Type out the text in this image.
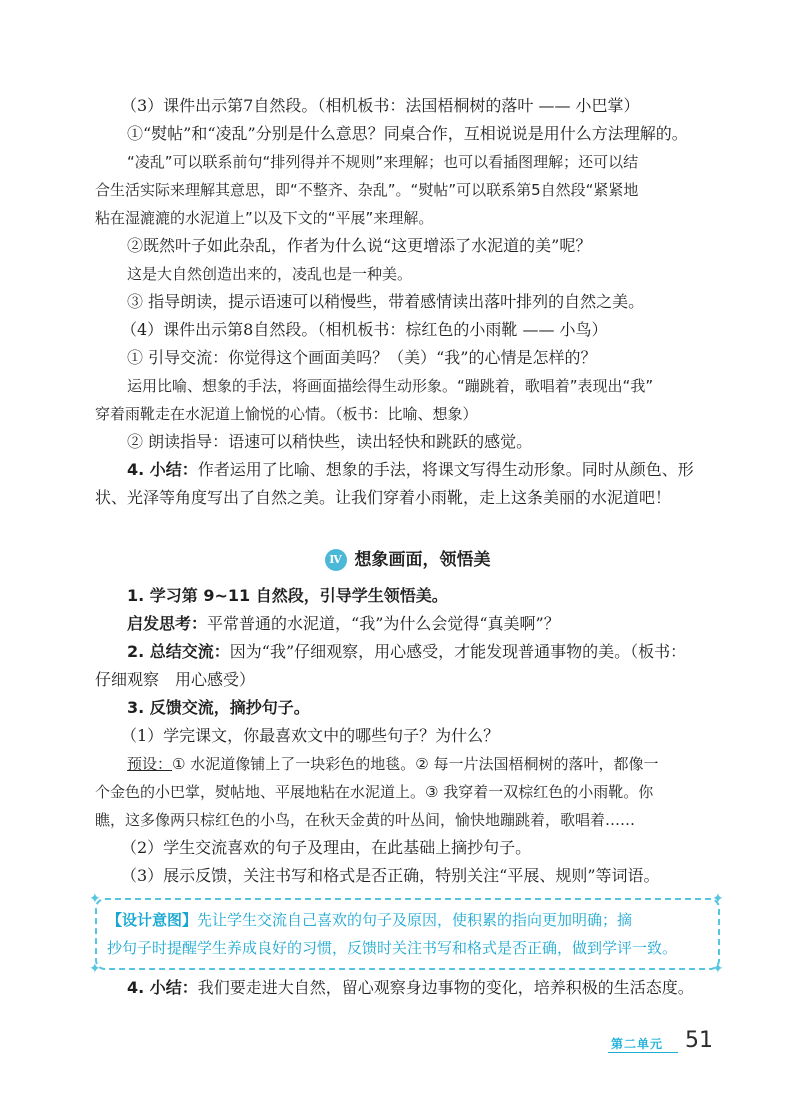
（3）课件出示第7自然段。（相机板书：法国梧桐树的落叶 —— 小巴掌）
①“熨帖”和“凌乱”分别是什么意思？同桌合作，互相说说是用什么方法理解的。
“凌乱”可以联系前句“排列得并不规则”来理解；也可以看插图理解；还可以结
合生活实际来理解其意思，即“不整齐、杂乱”。“熨帖”可以联系第5自然段“紧紧地
粘在湿漉漉的水泥道上”以及下文的“平展”来理解。
②既然叶子如此杂乱，作者为什么说“这更增添了水泥道的美”呢？
这是大自然创造出来的，凌乱也是一种美。
③ 指导朗读，提示语速可以稍慢些，带着感情读出落叶排列的自然之美。
（4）课件出示第8自然段。（相机板书：棕红色的小雨靴 —— 小鸟）
① 引导交流：你觉得这个画面美吗？（美）“我”的心情是怎样的？
运用比喻、想象的手法，将画面描绘得生动形象。“蹦跳着，歌唱着”表现出“我”
穿着雨靴走在水泥道上愉悦的心情。（板书：比喻、想象）
② 朗读指导：语速可以稍快些，读出轻快和跳跃的感觉。
4. 小结：作者运用了比喻、想象的手法，将课文写得生动形象。同时从颜色、形
状、光泽等角度写出了自然之美。让我们穿着小雨靴，走上这条美丽的水泥道吧！
Ⅳ 想象画面，领悟美
1. 学习第 9~11 自然段，引导学生领悟美。
启发思考：平常普通的水泥道，“我”为什么会觉得“真美啊”？
2. 总结交流：因为“我”仔细观察，用心感受，才能发现普通事物的美。（板书：
仔细观察　用心感受）
3. 反馈交流，摘抄句子。
（1）学完课文，你最喜欢文中的哪些句子？为什么？
预设：① 水泥道像铺上了一块彩色的地毯。② 每一片法国梧桐树的落叶，都像一
个金色的小巴掌，熨帖地、平展地粘在水泥道上。③ 我穿着一双棕红色的小雨靴。你
瞧，这多像两只棕红色的小鸟，在秋天金黄的叶丛间，愉快地蹦跳着，歌唱着……
（2）学生交流喜欢的句子及理由，在此基础上摘抄句子。
（3）展示反馈，关注书写和格式是否正确，特别关注“平展、规则”等词语。
✦	✦
✦	✦
【设计意图】先让学生交流自己喜欢的句子及原因，使积累的指向更加明确；摘
抄句子时提醒学生养成良好的习惯，反馈时关注书写和格式是否正确，做到学评一致。
4. 小结：我们要走进大自然，留心观察身边事物的变化，培养积极的生活态度。
第二单元 51
